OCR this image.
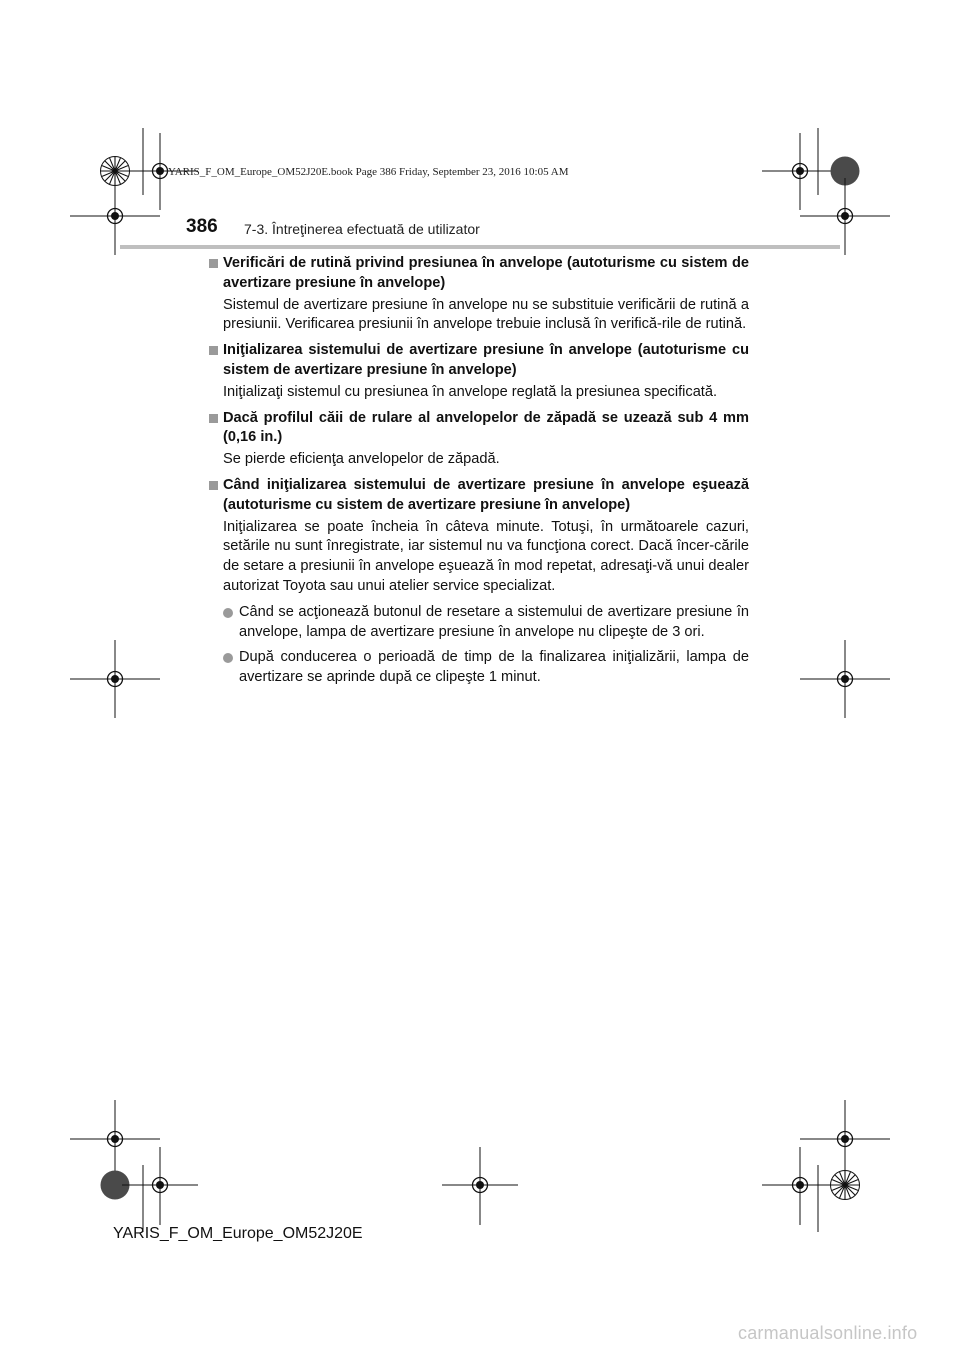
YARIS_F_OM_Europe_OM52J20E.book Page 386 Friday, September 23, 2016 10:05 AM
386 7-3. Întreţinerea efectuată de utilizator

Verificări de rutină privind presiunea în anvelope (autoturisme cu sistem de avertizare presiune în anvelope)

Sistemul de avertizare presiune în anvelope nu se substituie verificării de rutină a presiunii. Verificarea presiunii în anvelope trebuie inclusă în verifică-rile de rutină.

Iniţializarea sistemului de avertizare presiune în anvelope (autoturisme cu sistem de avertizare presiune în anvelope)

Iniţializaţi sistemul cu presiunea în anvelope reglată la presiunea specificată.

Dacă profilul căii de rulare al anvelopelor de zăpadă se uzează sub 4 mm (0,16 in.)

Se pierde eficienţa anvelopelor de zăpadă.

Când iniţializarea sistemului de avertizare presiune în anvelope eşuează (autoturisme cu sistem de avertizare presiune în anvelope)

Iniţializarea se poate încheia în câteva minute. Totuşi, în următoarele cazuri, setările nu sunt înregistrate, iar sistemul nu va funcţiona corect. Dacă încer-cările de setare a presiunii în anvelope eşuează în mod repetat, adresaţi-vă unui dealer autorizat Toyota sau unui atelier service specializat.

Când se acţionează butonul de resetare a sistemului de avertizare presiune în anvelope, lampa de avertizare presiune în anvelope nu clipeşte de 3 ori.

După conducerea o perioadă de timp de la finalizarea iniţializării, lampa de avertizare se aprinde după ce clipeşte 1 minut.

YARIS_F_OM_Europe_OM52J20E
carmanualsonline.info
